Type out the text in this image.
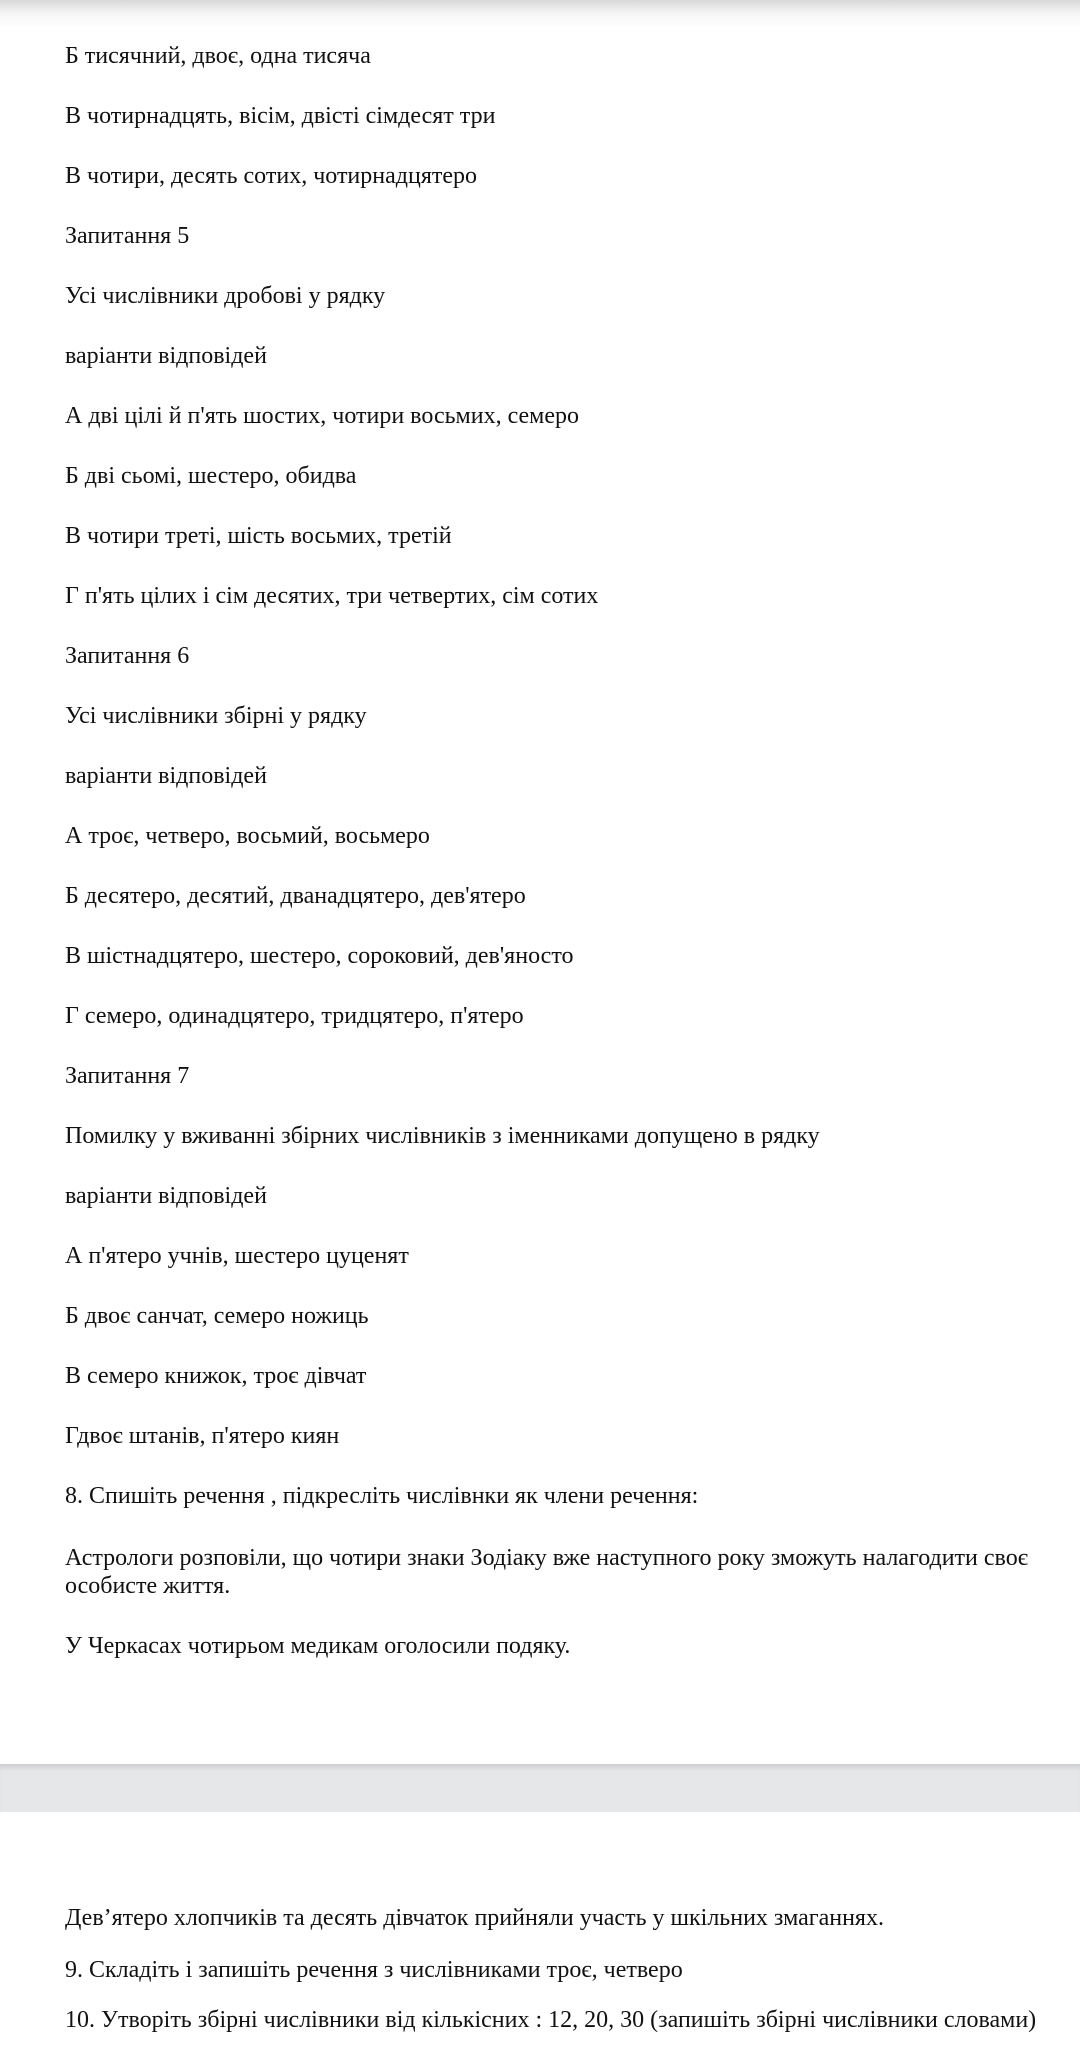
Б тисячний, двоє, одна тисяча

В чотирнадцять, вісім, двісті сімдесят три

В чотири, десять сотих, чотирнадцятеро

Запитання 5

Усі числівники дробові у рядку

варіанти відповідей

А дві цілі й п'ять шостих, чотири восьмих, семеро

Б дві сьомі, шестеро, обидва

В чотири треті, шість восьмих, третій

Г п'ять цілих і сім десятих, три четвертих, сім сотих

Запитання 6

Усі числівники збірні у рядку

варіанти відповідей

А троє, четверо, восьмий, восьмеро

Б десятеро, десятий, дванадцятеро, дев'ятеро

В шістнадцятеро, шестеро, сороковий, дев'яносто

Г семеро, одинадцятеро, тридцятеро, п'ятеро

Запитання 7

Помилку у вживанні збірних числівників з іменниками допущено в рядку

варіанти відповідей

А п'ятеро учнів, шестеро цуценят

Б двоє санчат, семеро ножиць

В семеро книжок, троє дівчат

Гдвоє штанів, п'ятеро киян

8. Спишіть речення , підкресліть числівнки як члени речення:

Астрологи розповіли, що чотири знаки Зодіаку вже наступного року зможуть налагодити своє особисте життя.

У Черкасах чотирьом медикам оголосили подяку.

Дев’ятеро хлопчиків та десять дівчаток прийняли участь у шкільних змаганнях.

9. Складіть і запишіть речення з числівниками троє, четверо

10. Утворіть збірні числівники від кількісних : 12, 20, 30 (запишіть збірні числівники словами)
